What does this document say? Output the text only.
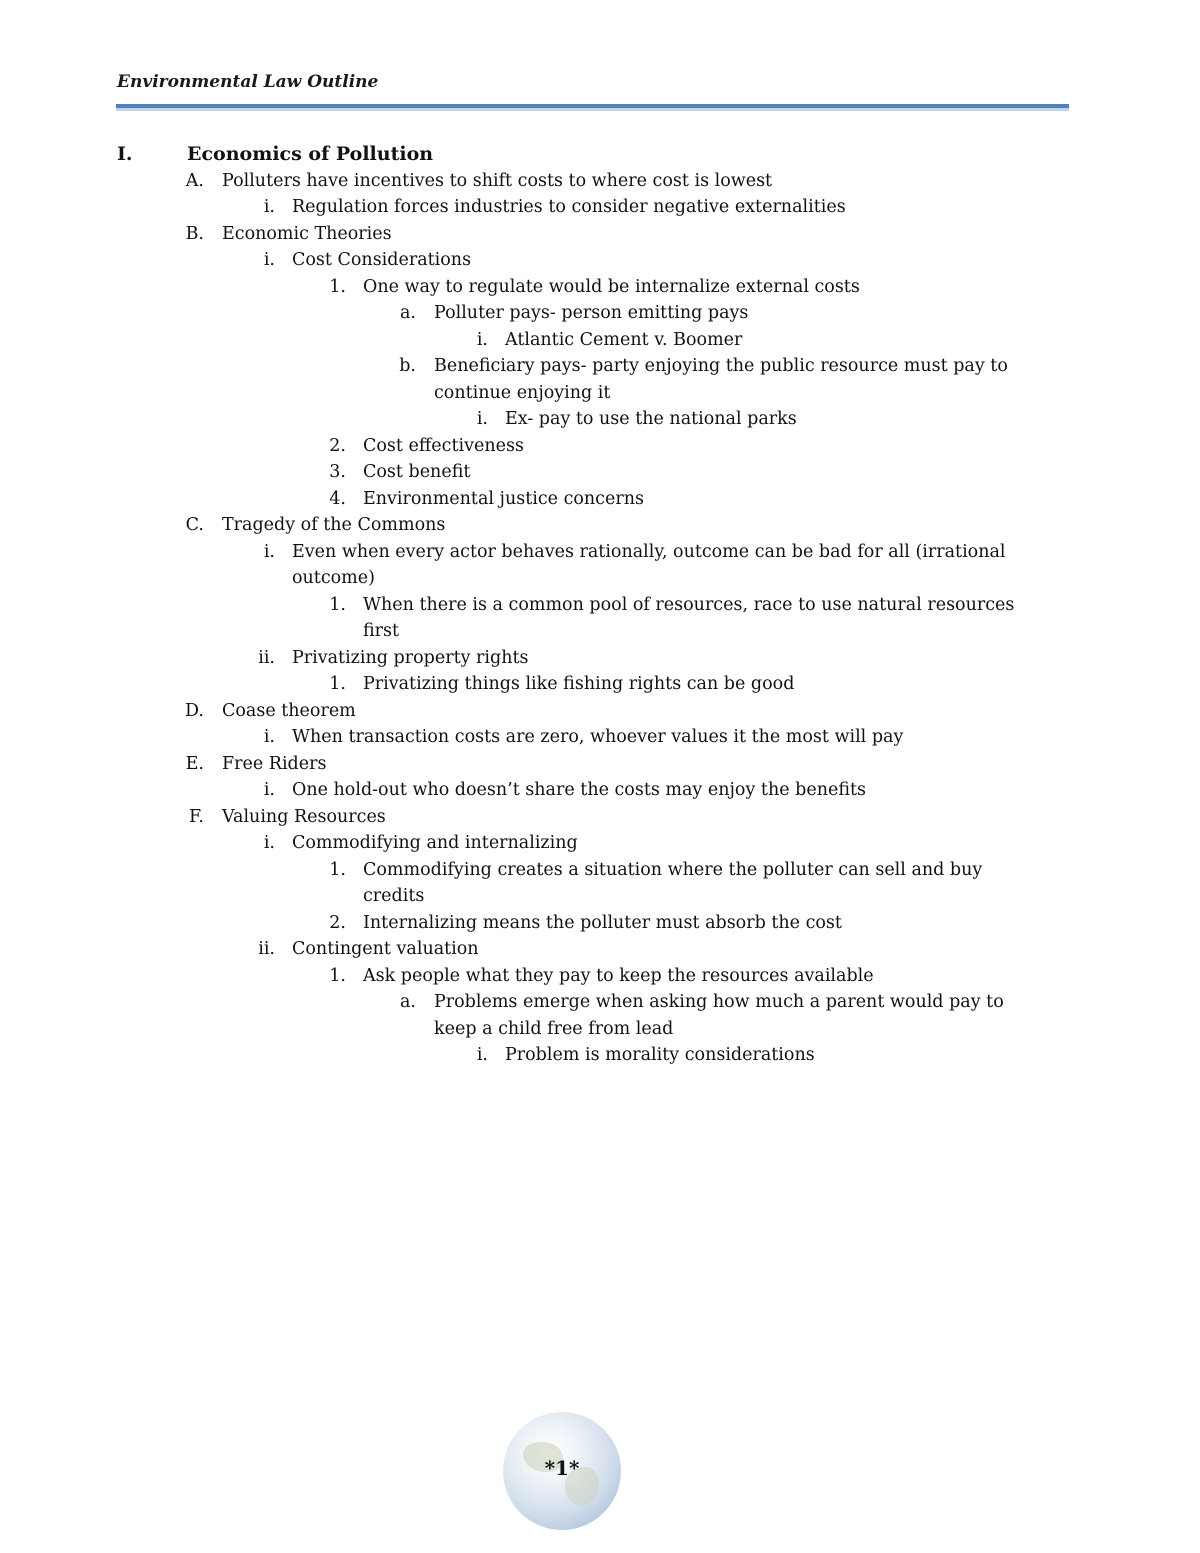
Environmental Law Outline
I.	Economics of Pollution
A. Polluters have incentives to shift costs to where cost is lowest
i. Regulation forces industries to consider negative externalities
B. Economic Theories
i. Cost Considerations
1. One way to regulate would be internalize external costs
a. Polluter pays- person emitting pays
i. Atlantic Cement v. Boomer
b. Beneficiary pays- party enjoying the public resource must pay to
continue enjoying it
i. Ex- pay to use the national parks
2. Cost effectiveness
3. Cost benefit
4. Environmental justice concerns
C. Tragedy of the Commons
i. Even when every actor behaves rationally, outcome can be bad for all (irrational
outcome)
1. When there is a common pool of resources, race to use natural resources
first
ii. Privatizing property rights
1. Privatizing things like fishing rights can be good
D. Coase theorem
i. When transaction costs are zero, whoever values it the most will pay
E. Free Riders
i. One hold-out who doesn’t share the costs may enjoy the benefits
F. Valuing Resources
i. Commodifying and internalizing
1. Commodifying creates a situation where the polluter can sell and buy
credits
2. Internalizing means the polluter must absorb the cost
ii. Contingent valuation
1. Ask people what they pay to keep the resources available
a. Problems emerge when asking how much a parent would pay to
keep a child free from lead
i. Problem is morality considerations
*1*
